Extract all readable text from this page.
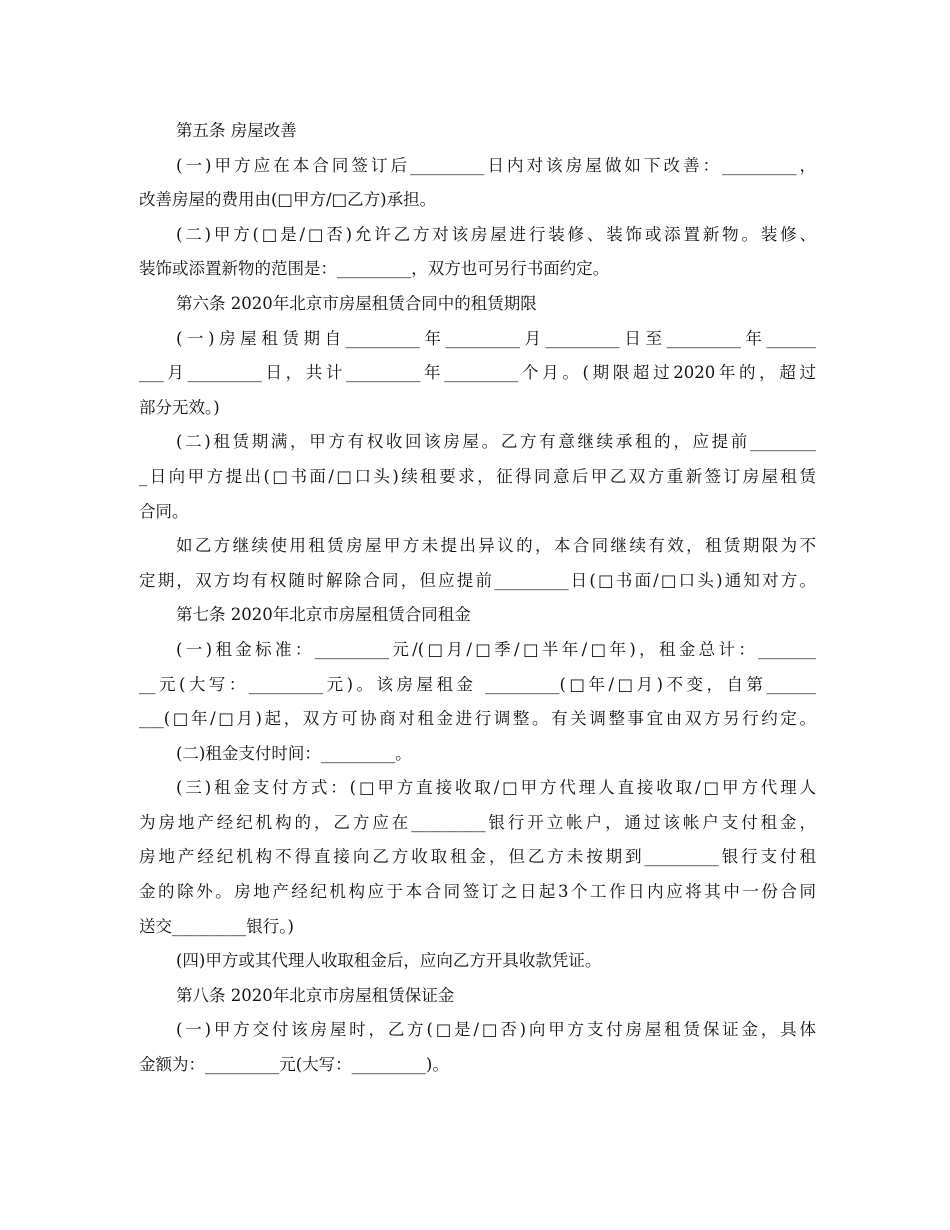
第五条 房屋改善
(一)甲方应在本合同签订后_________日内对该房屋做如下改善：_________，
改善房屋的费用由(□甲方/□乙方)承担。
(二)甲方(□是/□否)允许乙方对该房屋进行装修、装饰或添置新物。装修、
装饰或添置新物的范围是：_________，双方也可另行书面约定。
第六条 2020年北京市房屋租赁合同中的租赁期限
(一)房屋租赁期自_________年_________月_________日至_________年______
___月_________日，共计_________年_________个月。(期限超过2020年的，超过
部分无效。)
(二)租赁期满，甲方有权收回该房屋。乙方有意继续承租的，应提前________
_日向甲方提出(□书面/□口头)续租要求，征得同意后甲乙双方重新签订房屋租赁
合同。
如乙方继续使用租赁房屋甲方未提出异议的，本合同继续有效，租赁期限为不
定期，双方均有权随时解除合同，但应提前_________日(□书面/□口头)通知对方。
第七条 2020年北京市房屋租赁合同租金
(一)租金标准：_________元/(□月/□季/□半年/□年)，租金总计：_______
__元(大写：_________元)。该房屋租金 _________(□年/□月)不变，自第______
___(□年/□月)起，双方可协商对租金进行调整。有关调整事宜由双方另行约定。
(二)租金支付时间：_________。
(三)租金支付方式：(□甲方直接收取/□甲方代理人直接收取/□甲方代理人
为房地产经纪机构的，乙方应在_________银行开立帐户，通过该帐户支付租金，
房地产经纪机构不得直接向乙方收取租金，但乙方未按期到_________银行支付租
金的除外。房地产经纪机构应于本合同签订之日起3个工作日内应将其中一份合同
送交_________银行。)
(四)甲方或其代理人收取租金后，应向乙方开具收款凭证。
第八条 2020年北京市房屋租赁保证金
(一)甲方交付该房屋时，乙方(□是/□否)向甲方支付房屋租赁保证金，具体
金额为：_________元(大写：_________)。
